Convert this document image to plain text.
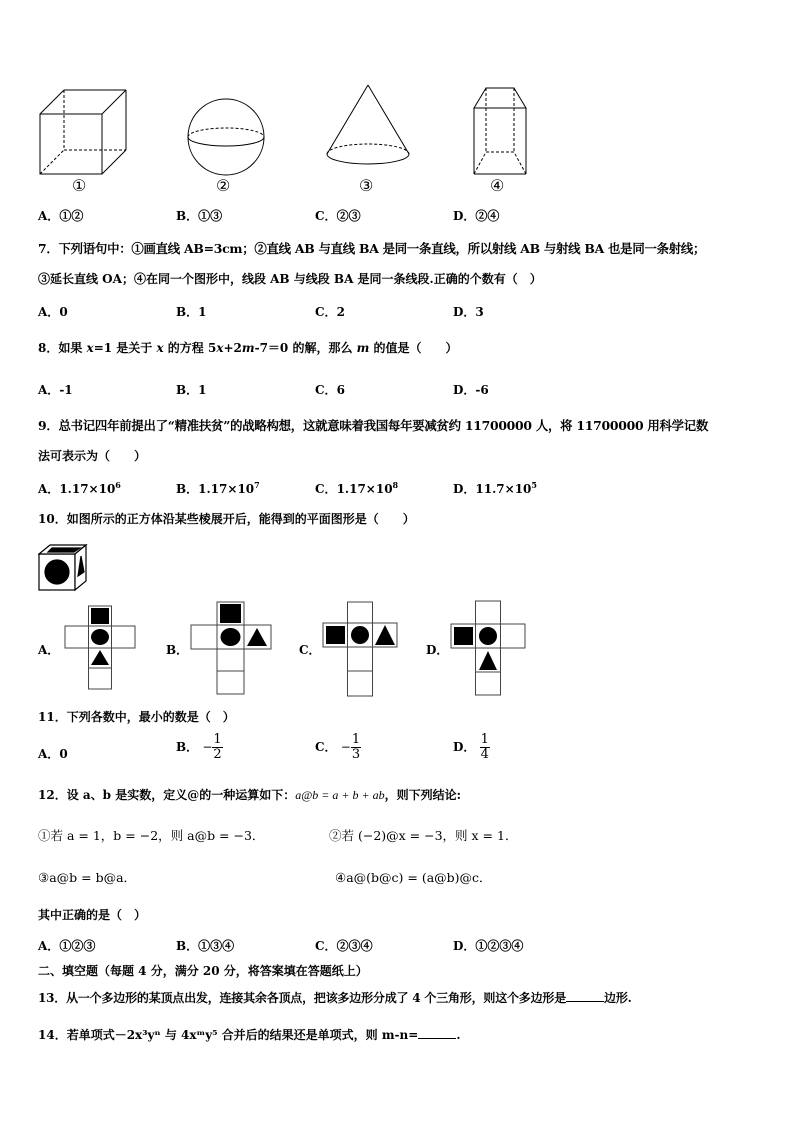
①	②	③	④
A．①②	B．①③	C．②③	D．②④
7．下列语句中：①画直线 AB=3cm；②直线 AB 与直线 BA 是同一条直线，所以射线 AB 与射线 BA 也是同一条射线；
③延长直线 OA；④在同一个图形中，线段 AB 与线段 BA 是同一条线段.正确的个数有（　）
A．0	B．1	C．2	D．3
8．如果 x=1 是关于 x 的方程 5x+2m-7＝0 的解，那么 m 的值是（　　）
A．-1	B．1	C．6	D．-6
9．总书记四年前提出了“精准扶贫”的战略构想，这就意味着我国每年要减贫约 11700000 人，将 11700000 用科学记数
法可表示为（　　）
A．$1.17\times 10^6$	B．$1.17\times 10^7$	C．$1.17\times 10^8$	D．$11.7\times 10^5$
10．如图所示的正方体沿某些棱展开后，能得到的平面图形是（　　）
A．	B．	C．	D．
11．下列各数中，最小的数是（　）
A．0	B． − $\frac{1}{2}$	C． − $\frac{1}{3}$	D． $\frac{1}{4}$
12．设 a、b 是实数，定义@的一种运算如下：a@b = a + b + ab，则下列结论:
①若 a = 1，b = −2，则 a@b = −3．	②若 (−2)@x = −3，则 x = 1．
③a@b = b@a．	④a@(b@c) = (a@b)@c．
其中正确的是（　）
A．①②③	B．①③④	C．②③④	D．①②③④
二、填空题（每题 4 分，满分 20 分，将答案填在答题纸上）
13．从一个多边形的某顶点出发，连接其余各顶点，把该多边形分成了 4 个三角形，则这个多边形是	边形.
14．若单项式－2x³yⁿ 与 4xᵐy⁵ 合并后的结果还是单项式，则 m-n=	.
